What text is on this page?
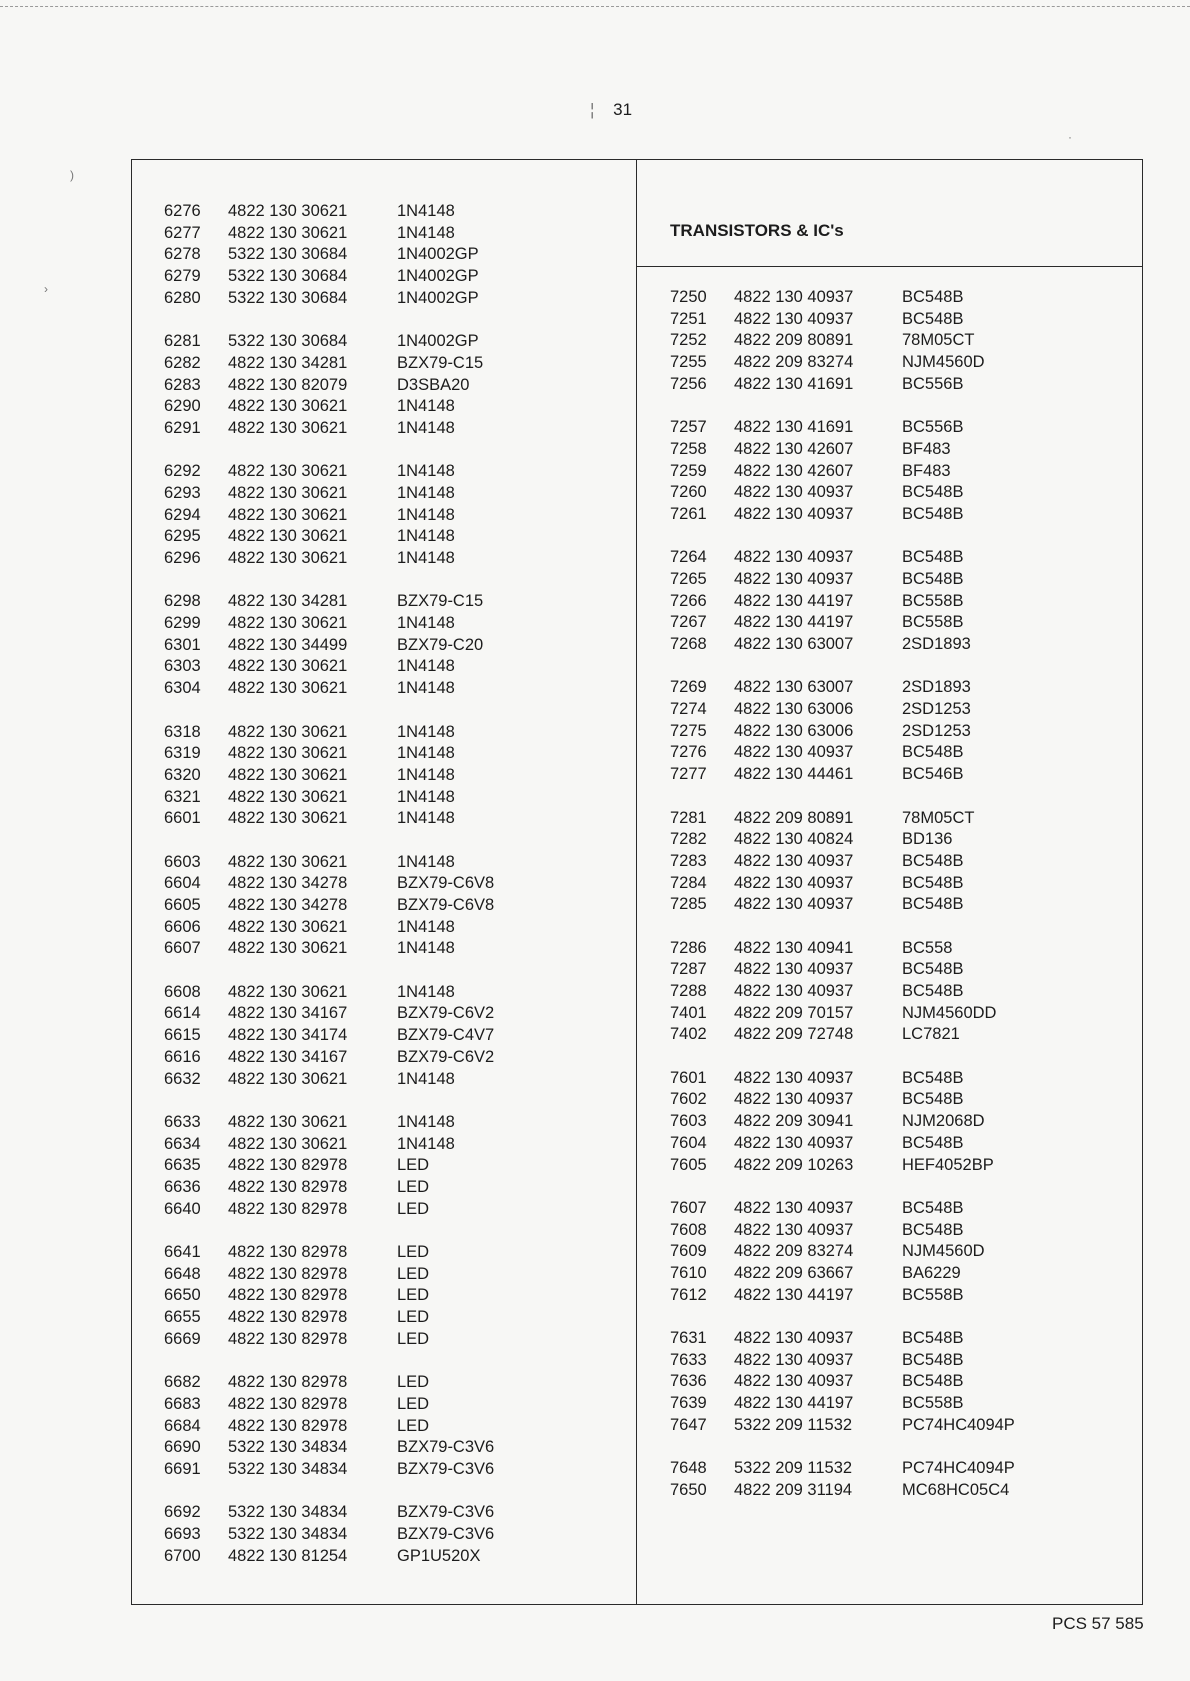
¦ 31
TRANSISTORS & IC's
6276	4822 130 30621	1N4148
6277	4822 130 30621	1N4148
6278	5322 130 30684	1N4002GP
6279	5322 130 30684	1N4002GP
6280	5322 130 30684	1N4002GP
6281	5322 130 30684	1N4002GP
6282	4822 130 34281	BZX79-C15
6283	4822 130 82079	D3SBA20
6290	4822 130 30621	1N4148
6291	4822 130 30621	1N4148
6292	4822 130 30621	1N4148
6293	4822 130 30621	1N4148
6294	4822 130 30621	1N4148
6295	4822 130 30621	1N4148
6296	4822 130 30621	1N4148
6298	4822 130 34281	BZX79-C15
6299	4822 130 30621	1N4148
6301	4822 130 34499	BZX79-C20
6303	4822 130 30621	1N4148
6304	4822 130 30621	1N4148
6318	4822 130 30621	1N4148
6319	4822 130 30621	1N4148
6320	4822 130 30621	1N4148
6321	4822 130 30621	1N4148
6601	4822 130 30621	1N4148
6603	4822 130 30621	1N4148
6604	4822 130 34278	BZX79-C6V8
6605	4822 130 34278	BZX79-C6V8
6606	4822 130 30621	1N4148
6607	4822 130 30621	1N4148
6608	4822 130 30621	1N4148
6614	4822 130 34167	BZX79-C6V2
6615	4822 130 34174	BZX79-C4V7
6616	4822 130 34167	BZX79-C6V2
6632	4822 130 30621	1N4148
6633	4822 130 30621	1N4148
6634	4822 130 30621	1N4148
6635	4822 130 82978	LED
6636	4822 130 82978	LED
6640	4822 130 82978	LED
6641	4822 130 82978	LED
6648	4822 130 82978	LED
6650	4822 130 82978	LED
6655	4822 130 82978	LED
6669	4822 130 82978	LED
6682	4822 130 82978	LED
6683	4822 130 82978	LED
6684	4822 130 82978	LED
6690	5322 130 34834	BZX79-C3V6
6691	5322 130 34834	BZX79-C3V6
6692	5322 130 34834	BZX79-C3V6
6693	5322 130 34834	BZX79-C3V6
6700	4822 130 81254	GP1U520X
7250	4822 130 40937	BC548B
7251	4822 130 40937	BC548B
7252	4822 209 80891	78M05CT
7255	4822 209 83274	NJM4560D
7256	4822 130 41691	BC556B
7257	4822 130 41691	BC556B
7258	4822 130 42607	BF483
7259	4822 130 42607	BF483
7260	4822 130 40937	BC548B
7261	4822 130 40937	BC548B
7264	4822 130 40937	BC548B
7265	4822 130 40937	BC548B
7266	4822 130 44197	BC558B
7267	4822 130 44197	BC558B
7268	4822 130 63007	2SD1893
7269	4822 130 63007	2SD1893
7274	4822 130 63006	2SD1253
7275	4822 130 63006	2SD1253
7276	4822 130 40937	BC548B
7277	4822 130 44461	BC546B
7281	4822 209 80891	78M05CT
7282	4822 130 40824	BD136
7283	4822 130 40937	BC548B
7284	4822 130 40937	BC548B
7285	4822 130 40937	BC548B
7286	4822 130 40941	BC558
7287	4822 130 40937	BC548B
7288	4822 130 40937	BC548B
7401	4822 209 70157	NJM4560DD
7402	4822 209 72748	LC7821
7601	4822 130 40937	BC548B
7602	4822 130 40937	BC548B
7603	4822 209 30941	NJM2068D
7604	4822 130 40937	BC548B
7605	4822 209 10263	HEF4052BP
7607	4822 130 40937	BC548B
7608	4822 130 40937	BC548B
7609	4822 209 83274	NJM4560D
7610	4822 209 63667	BA6229
7612	4822 130 44197	BC558B
7631	4822 130 40937	BC548B
7633	4822 130 40937	BC548B
7636	4822 130 40937	BC548B
7639	4822 130 44197	BC558B
7647	5322 209 11532	PC74HC4094P
7648	5322 209 11532	PC74HC4094P
7650	4822 209 31194	MC68HC05C4
PCS 57 585
)
›
·
